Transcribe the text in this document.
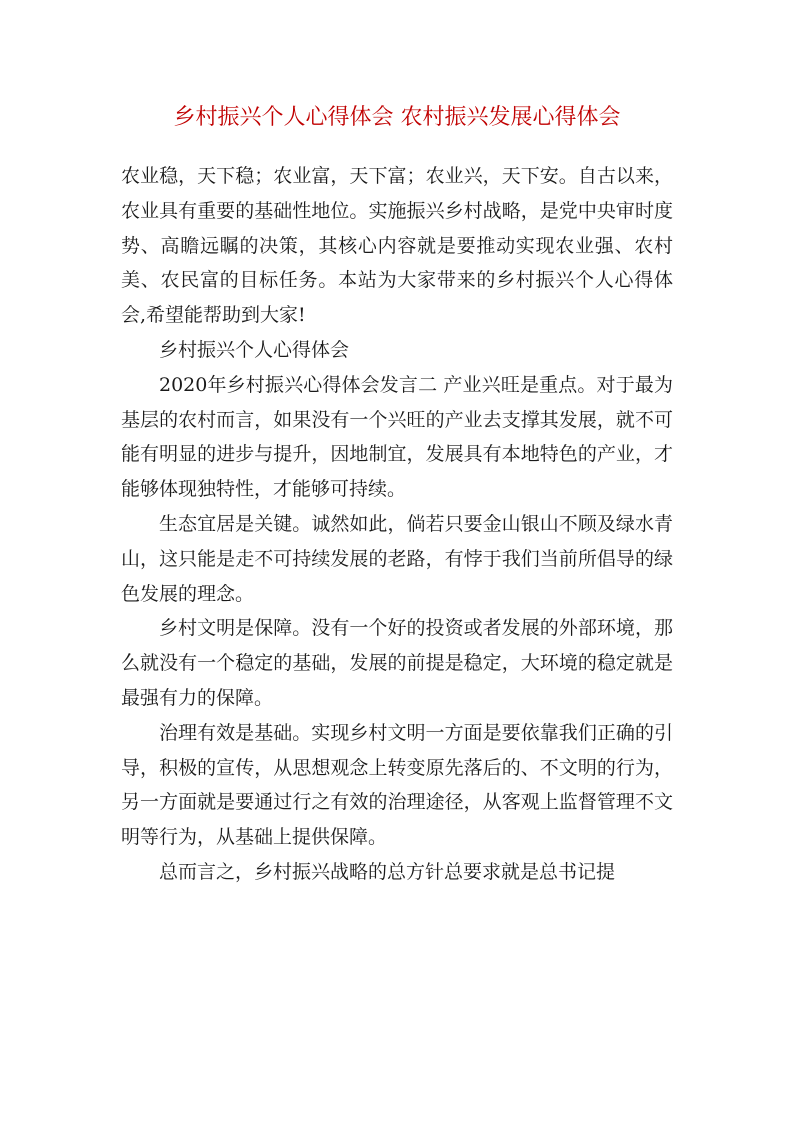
乡村振兴个人心得体会 农村振兴发展心得体会

农业稳，天下稳；农业富，天下富；农业兴，天下安。自古以来，农业具有重要的基础性地位。实施振兴乡村战略，是党中央审时度势、高瞻远瞩的决策，其核心内容就是要推动实现农业强、农村美、农民富的目标任务。本站为大家带来的乡村振兴个人心得体会,希望能帮助到大家!

乡村振兴个人心得体会

2020年乡村振兴心得体会发言二 产业兴旺是重点。对于最为基层的农村而言，如果没有一个兴旺的产业去支撑其发展，就不可能有明显的进步与提升，因地制宜，发展具有本地特色的产业，才能够体现独特性，才能够可持续。

生态宜居是关键。诚然如此，倘若只要金山银山不顾及绿水青山，这只能是走不可持续发展的老路，有悖于我们当前所倡导的绿色发展的理念。

乡村文明是保障。没有一个好的投资或者发展的外部环境，那么就没有一个稳定的基础，发展的前提是稳定，大环境的稳定就是最强有力的保障。

治理有效是基础。实现乡村文明一方面是要依靠我们正确的引导，积极的宣传，从思想观念上转变原先落后的、不文明的行为，另一方面就是要通过行之有效的治理途径，从客观上监督管理不文明等行为，从基础上提供保障。

总而言之，乡村振兴战略的总方针总要求就是总书记提
